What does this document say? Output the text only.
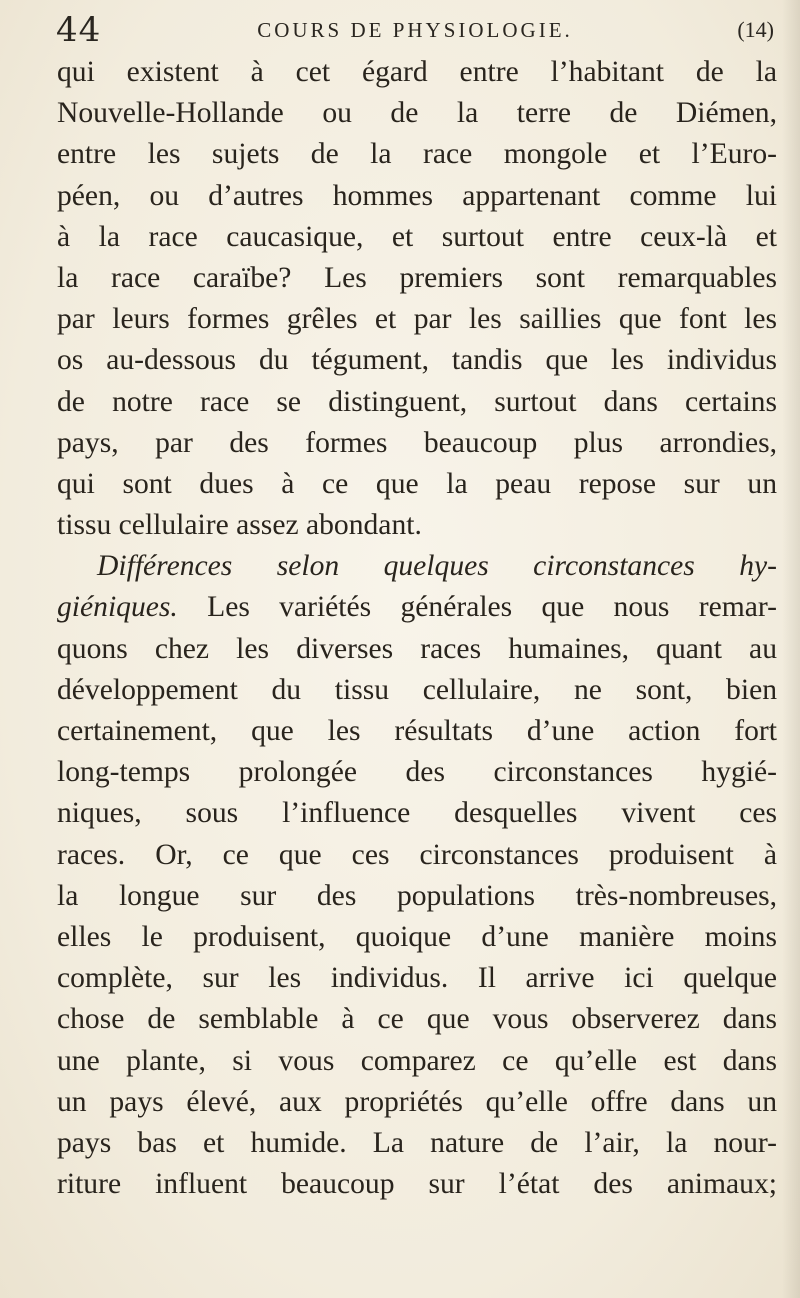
44	COURS DE PHYSIOLOGIE.	(14)
qui existent à cet égard entre l’habitant de la
Nouvelle-Hollande ou de la terre de Diémen,
entre les sujets de la race mongole et l’Euro-
péen, ou d’autres hommes appartenant comme lui
à la race caucasique, et surtout entre ceux-là et
la race caraïbe? Les premiers sont remarquables
par leurs formes grêles et par les saillies que font les
os au-dessous du tégument, tandis que les individus
de notre race se distinguent, surtout dans certains
pays, par des formes beaucoup plus arrondies,
qui sont dues à ce que la peau repose sur un
tissu cellulaire assez abondant.
Différences selon quelques circonstances hy-
giéniques. Les variétés générales que nous remar-
quons chez les diverses races humaines, quant au
développement du tissu cellulaire, ne sont, bien
certainement, que les résultats d’une action fort
long-temps prolongée des circonstances hygié-
niques, sous l’influence desquelles vivent ces
races. Or, ce que ces circonstances produisent à
la longue sur des populations très-nombreuses,
elles le produisent, quoique d’une manière moins
complète, sur les individus. Il arrive ici quelque
chose de semblable à ce que vous observerez dans
une plante, si vous comparez ce qu’elle est dans
un pays élevé, aux propriétés qu’elle offre dans un
pays bas et humide. La nature de l’air, la nour-
riture influent beaucoup sur l’état des animaux;
